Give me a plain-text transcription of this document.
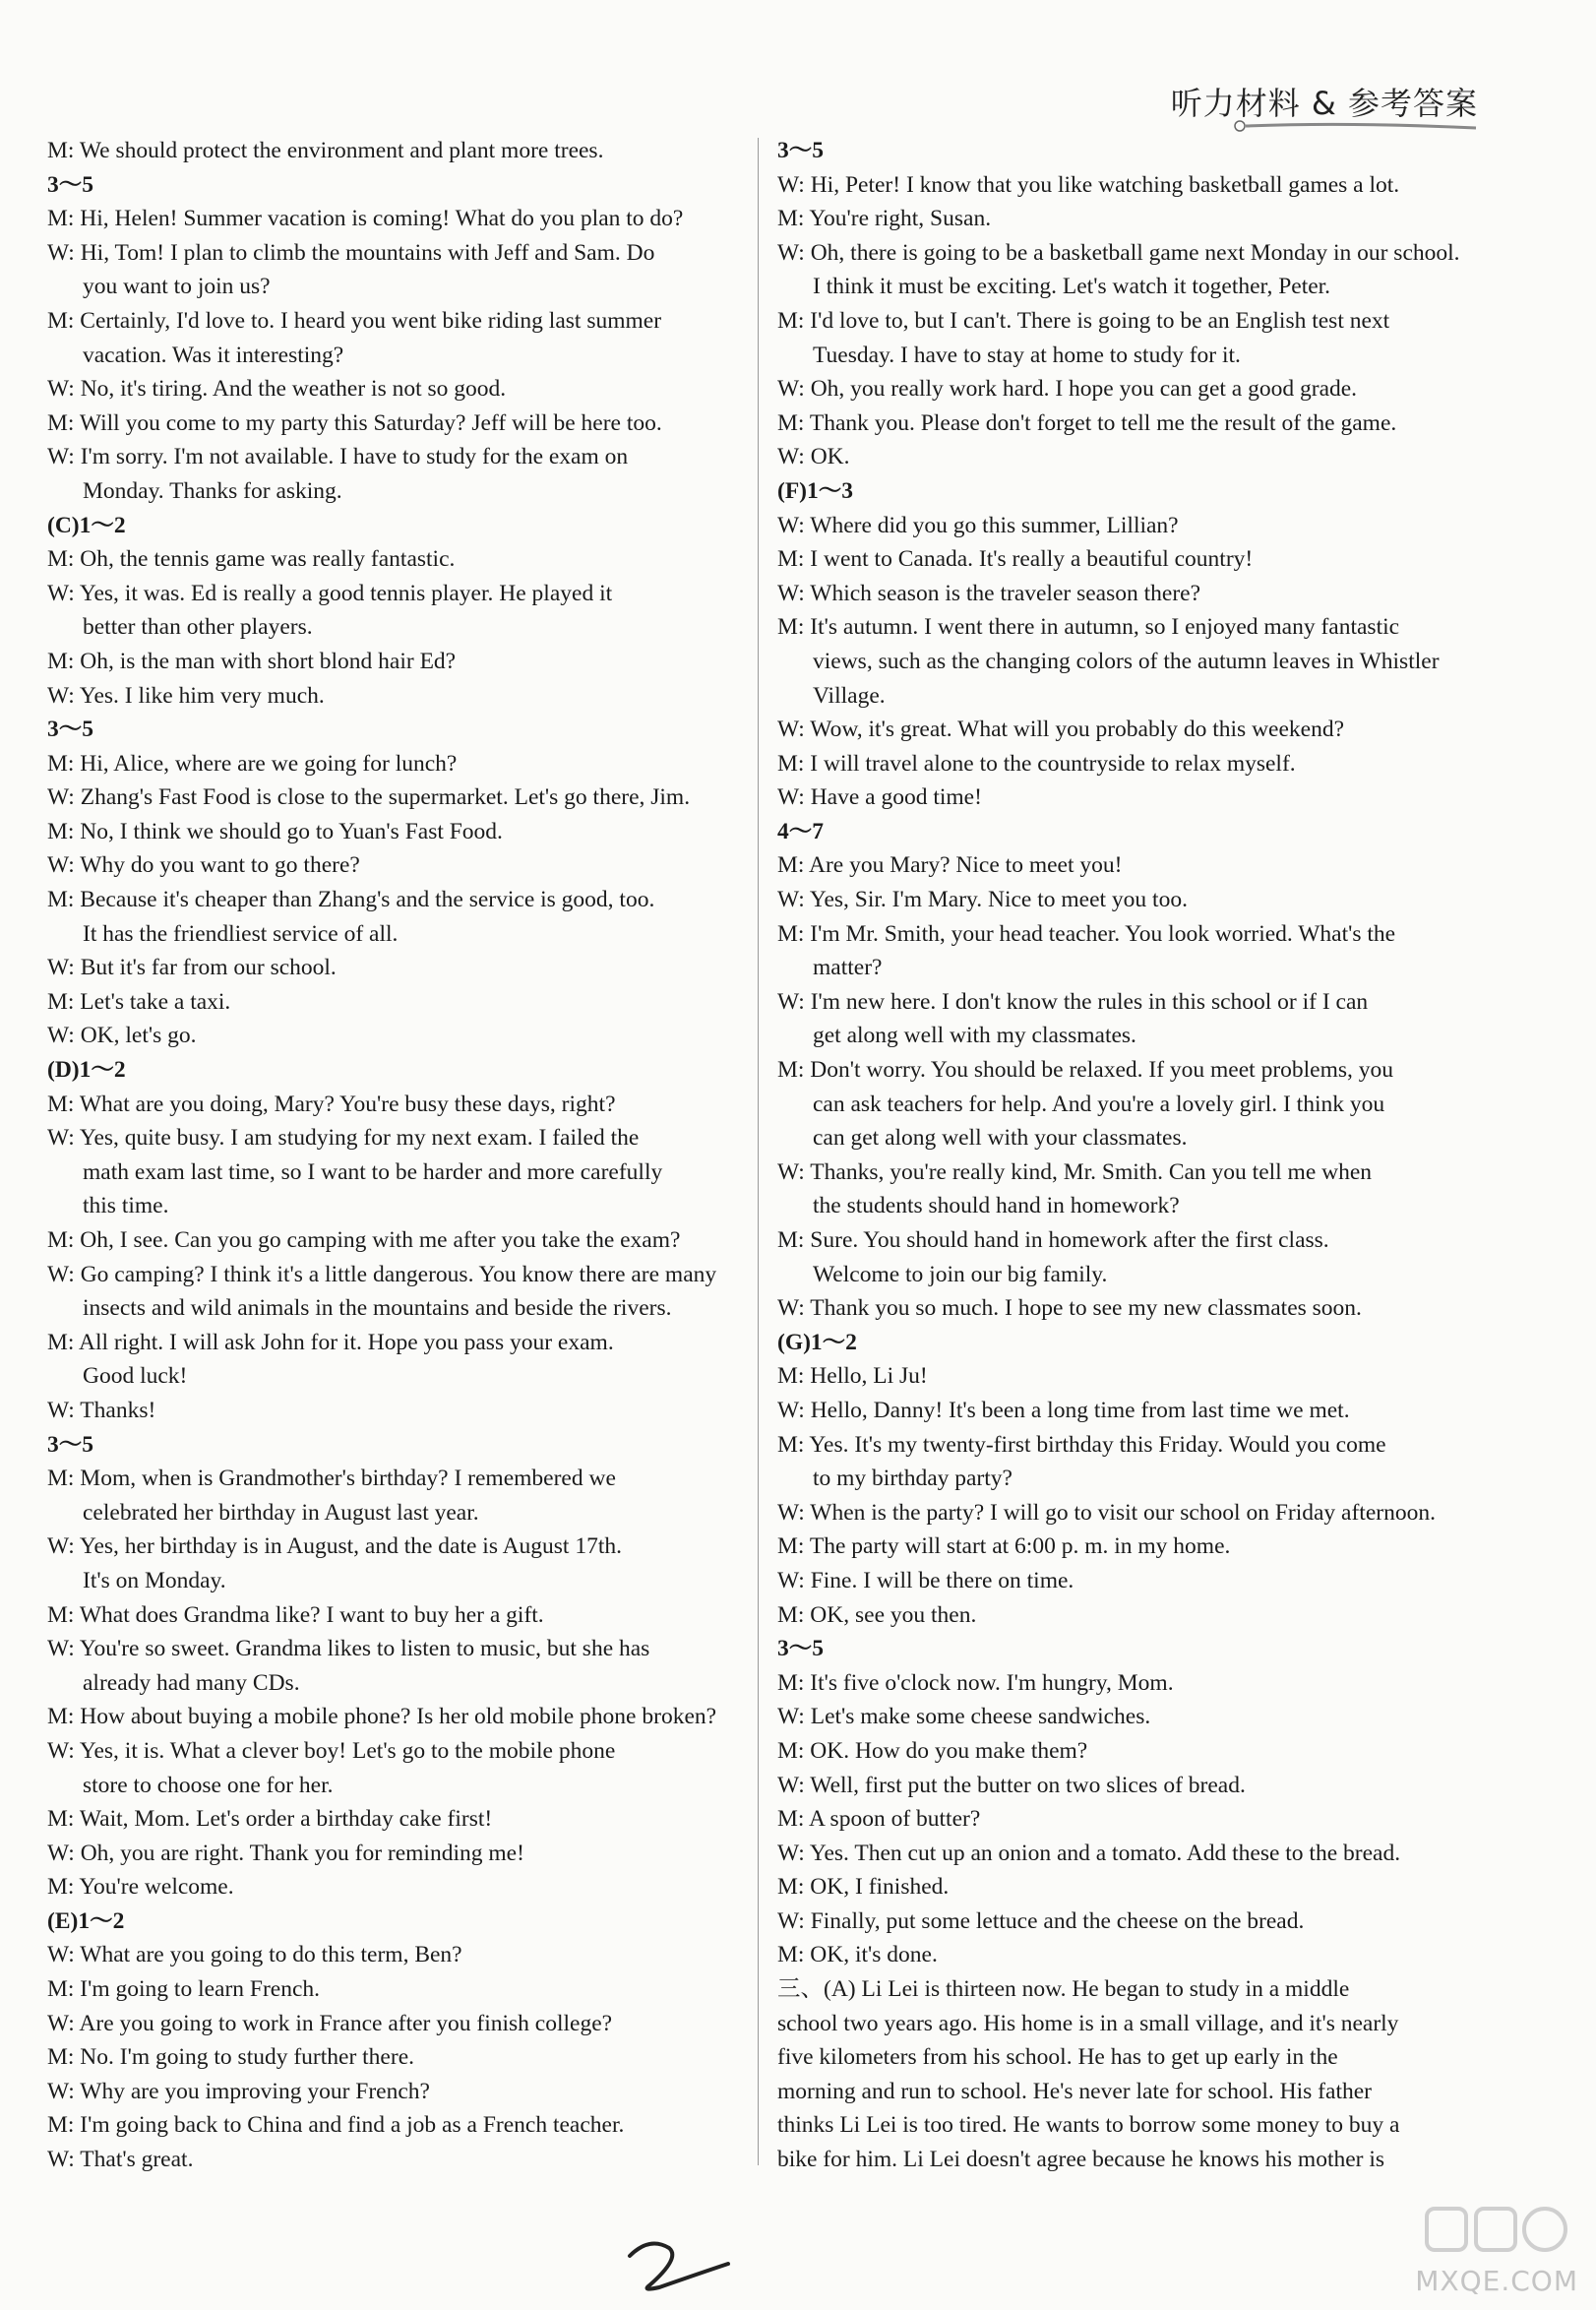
听力材料 & 参考答案
M: We should protect the environment and plant more trees.
3～5
M: Hi, Helen! Summer vacation is coming! What do you plan to do?
W: Hi, Tom! I plan to climb the mountains with Jeff and Sam. Do
you want to join us?
M: Certainly, I'd love to. I heard you went bike riding last summer
vacation. Was it interesting?
W: No, it's tiring. And the weather is not so good.
M: Will you come to my party this Saturday? Jeff will be here too.
W: I'm sorry. I'm not available. I have to study for the exam on
Monday. Thanks for asking.
(C)1～2
M: Oh, the tennis game was really fantastic.
W: Yes, it was. Ed is really a good tennis player. He played it
better than other players.
M: Oh, is the man with short blond hair Ed?
W: Yes. I like him very much.
3～5
M: Hi, Alice, where are we going for lunch?
W: Zhang's Fast Food is close to the supermarket. Let's go there, Jim.
M: No, I think we should go to Yuan's Fast Food.
W: Why do you want to go there?
M: Because it's cheaper than Zhang's and the service is good, too.
It has the friendliest service of all.
W: But it's far from our school.
M: Let's take a taxi.
W: OK, let's go.
(D)1～2
M: What are you doing, Mary? You're busy these days, right?
W: Yes, quite busy. I am studying for my next exam. I failed the
math exam last time, so I want to be harder and more carefully
this time.
M: Oh, I see. Can you go camping with me after you take the exam?
W: Go camping? I think it's a little dangerous. You know there are many
insects and wild animals in the mountains and beside the rivers.
M: All right. I will ask John for it. Hope you pass your exam.
Good luck!
W: Thanks!
3～5
M: Mom, when is Grandmother's birthday? I remembered we
celebrated her birthday in August last year.
W: Yes, her birthday is in August, and the date is August 17th.
It's on Monday.
M: What does Grandma like? I want to buy her a gift.
W: You're so sweet. Grandma likes to listen to music, but she has
already had many CDs.
M: How about buying a mobile phone? Is her old mobile phone broken?
W: Yes, it is. What a clever boy! Let's go to the mobile phone
store to choose one for her.
M: Wait, Mom. Let's order a birthday cake first!
W: Oh, you are right. Thank you for reminding me!
M: You're welcome.
(E)1～2
W: What are you going to do this term, Ben?
M: I'm going to learn French.
W: Are you going to work in France after you finish college?
M: No. I'm going to study further there.
W: Why are you improving your French?
M: I'm going back to China and find a job as a French teacher.
W: That's great.
3～5
W: Hi, Peter! I know that you like watching basketball games a lot.
M: You're right, Susan.
W: Oh, there is going to be a basketball game next Monday in our school.
I think it must be exciting. Let's watch it together, Peter.
M: I'd love to, but I can't. There is going to be an English test next
Tuesday. I have to stay at home to study for it.
W: Oh, you really work hard. I hope you can get a good grade.
M: Thank you. Please don't forget to tell me the result of the game.
W: OK.
(F)1～3
W: Where did you go this summer, Lillian?
M: I went to Canada. It's really a beautiful country!
W: Which season is the traveler season there?
M: It's autumn. I went there in autumn, so I enjoyed many fantastic
views, such as the changing colors of the autumn leaves in Whistler
Village.
W: Wow, it's great. What will you probably do this weekend?
M: I will travel alone to the countryside to relax myself.
W: Have a good time!
4～7
M: Are you Mary? Nice to meet you!
W: Yes, Sir. I'm Mary. Nice to meet you too.
M: I'm Mr. Smith, your head teacher. You look worried. What's the
matter?
W: I'm new here. I don't know the rules in this school or if I can
get along well with my classmates.
M: Don't worry. You should be relaxed. If you meet problems, you
can ask teachers for help. And you're a lovely girl. I think you
can get along well with your classmates.
W: Thanks, you're really kind, Mr. Smith. Can you tell me when
the students should hand in homework?
M: Sure. You should hand in homework after the first class.
Welcome to join our big family.
W: Thank you so much. I hope to see my new classmates soon.
(G)1～2
M: Hello, Li Ju!
W: Hello, Danny! It's been a long time from last time we met.
M: Yes. It's my twenty-first birthday this Friday. Would you come
to my birthday party?
W: When is the party? I will go to visit our school on Friday afternoon.
M: The party will start at 6:00 p. m. in my home.
W: Fine. I will be there on time.
M: OK, see you then.
3～5
M: It's five o'clock now. I'm hungry, Mom.
W: Let's make some cheese sandwiches.
M: OK. How do you make them?
W: Well, first put the butter on two slices of bread.
M: A spoon of butter?
W: Yes. Then cut up an onion and a tomato. Add these to the bread.
M: OK, I finished.
W: Finally, put some lettuce and the cheese on the bread.
M: OK, it's done.
三、(A) Li Lei is thirteen now. He began to study in a middle
school two years ago. His home is in a small village, and it's nearly
five kilometers from his school. He has to get up early in the
morning and run to school. He's never late for school. His father
thinks Li Lei is too tired. He wants to borrow some money to buy a
bike for him. Li Lei doesn't agree because he knows his mother is
MXQE.COM
